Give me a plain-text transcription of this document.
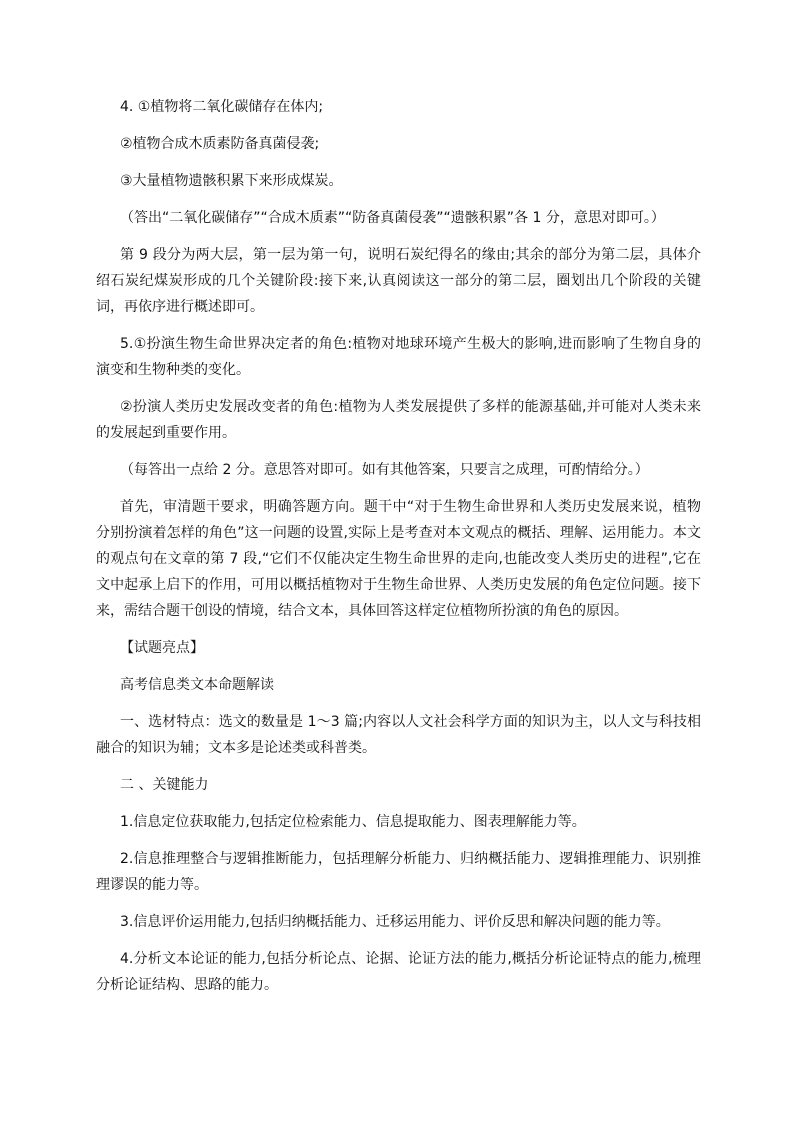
4. ①植物将二氧化碳储存在体内;

②植物合成木质素防备真菌侵袭;

③大量植物遗骸积累下来形成煤炭。

（答出“二氧化碳储存”“合成木质素”“防备真菌侵袭”“遗骸积累”各 1 分，意思对即可。）

第 9 段分为两大层，第一层为第一句，说明石炭纪得名的缘由;其余的部分为第二层，具体介绍石炭纪煤炭形成的几个关键阶段:接下来,认真阅读这一部分的第二层，圈划出几个阶段的关键词，再依序进行概述即可。

5.①扮演生物生命世界决定者的角色:植物对地球环境产生极大的影响,进而影响了生物自身的演变和生物种类的变化。

②扮演人类历史发展改变者的角色:植物为人类发展提供了多样的能源基础,并可能对人类未来的发展起到重要作用。

（每答出一点给 2 分。意思答对即可。如有其他答案，只要言之成理，可酌情给分。）

首先，审清题干要求，明确答题方向。题干中“对于生物生命世界和人类历史发展来说，植物分别扮演着怎样的角色”这一问题的设置,实际上是考查对本文观点的概括、理解、运用能力。本文的观点句在文章的第 7 段,“它们不仅能决定生物生命世界的走向,也能改变人类历史的进程”,它在文中起承上启下的作用，可用以概括植物对于生物生命世界、人类历史发展的角色定位问题。接下来，需结合题干创设的情境，结合文本，具体回答这样定位植物所扮演的角色的原因。

【试题亮点】

高考信息类文本命题解读

一、选材特点：选文的数量是 1～3 篇;内容以人文社会科学方面的知识为主，以人文与科技相融合的知识为辅；文本多是论述类或科普类。

二 、关键能力

1.信息定位获取能力,包括定位检索能力、信息提取能力、图表理解能力等。

2.信息推理整合与逻辑推断能力，包括理解分析能力、归纳概括能力、逻辑推理能力、识别推理谬误的能力等。

3.信息评价运用能力,包括归纳概括能力、迁移运用能力、评价反思和解决问题的能力等。

4.分析文本论证的能力,包括分析论点、论据、论证方法的能力,概括分析论证特点的能力,梳理分析论证结构、思路的能力。
